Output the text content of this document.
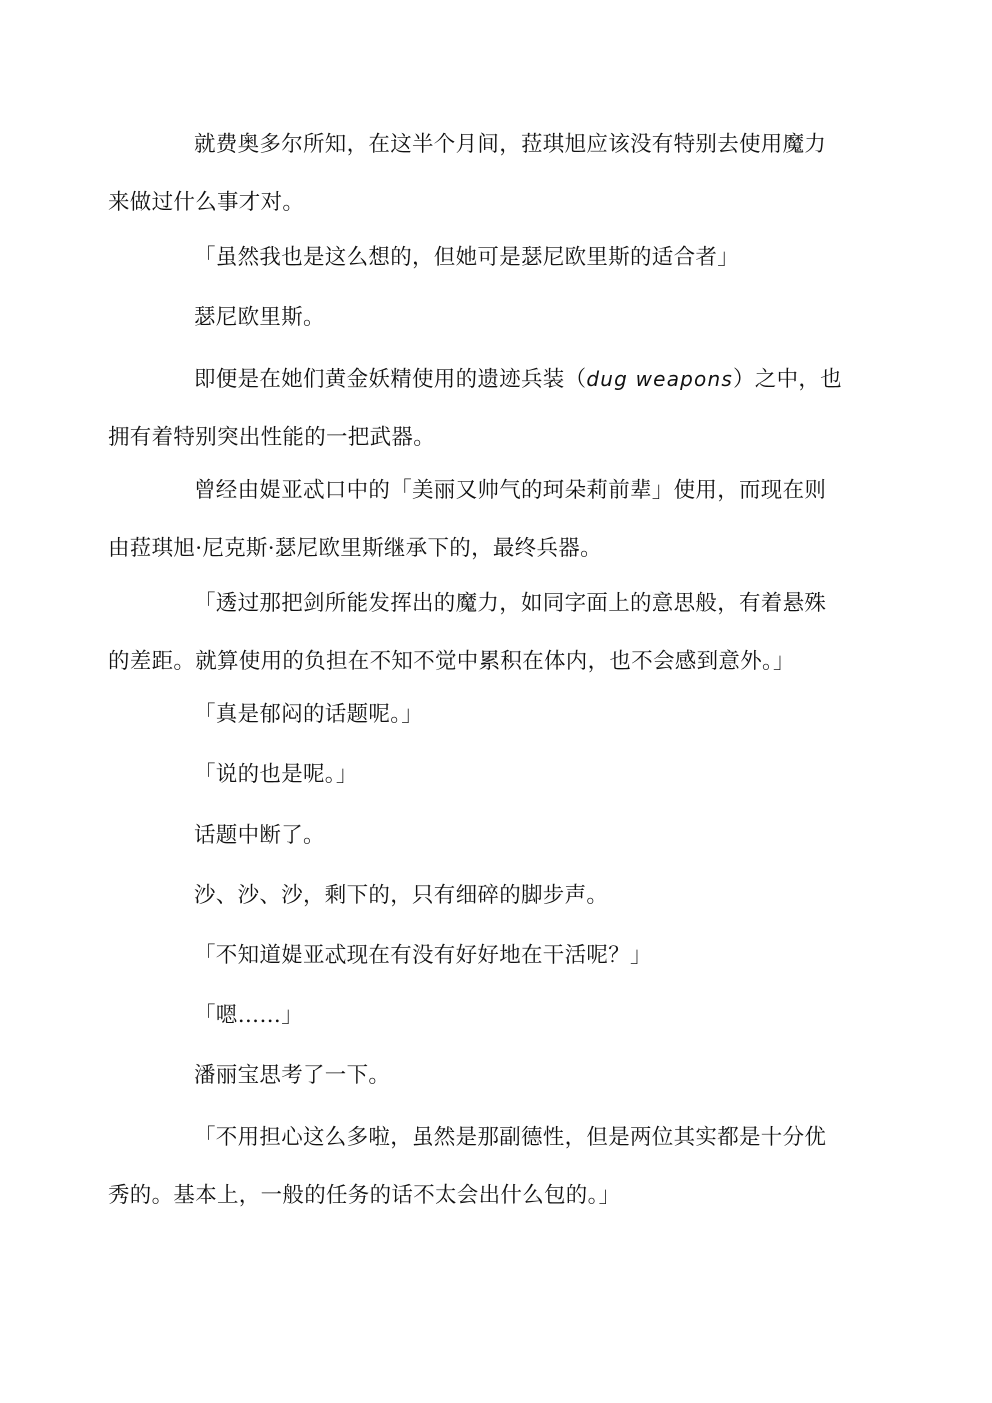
就费奥多尔所知，在这半个月间，菈琪旭应该没有特别去使用魔力
来做过什么事才对。

「虽然我也是这么想的，但她可是瑟尼欧里斯的适合者」

瑟尼欧里斯。

即便是在她们黄金妖精使用的遗迹兵装（dug weapons）之中，也
拥有着特别突出性能的一把武器。

曾经由媞亚忒口中的「美丽又帅气的珂朵莉前辈」使用，而现在则
由菈琪旭·尼克斯·瑟尼欧里斯继承下的，最终兵器。

「透过那把剑所能发挥出的魔力，如同字面上的意思般，有着悬殊
的差距。就算使用的负担在不知不觉中累积在体内，也不会感到意外。」

「真是郁闷的话题呢。」

「说的也是呢。」

话题中断了。

沙、沙、沙，剩下的，只有细碎的脚步声。

「不知道媞亚忒现在有没有好好地在干活呢？」

「嗯……」

潘丽宝思考了一下。

「不用担心这么多啦，虽然是那副德性，但是两位其实都是十分优
秀的。基本上，一般的任务的话不太会出什么包的。」
